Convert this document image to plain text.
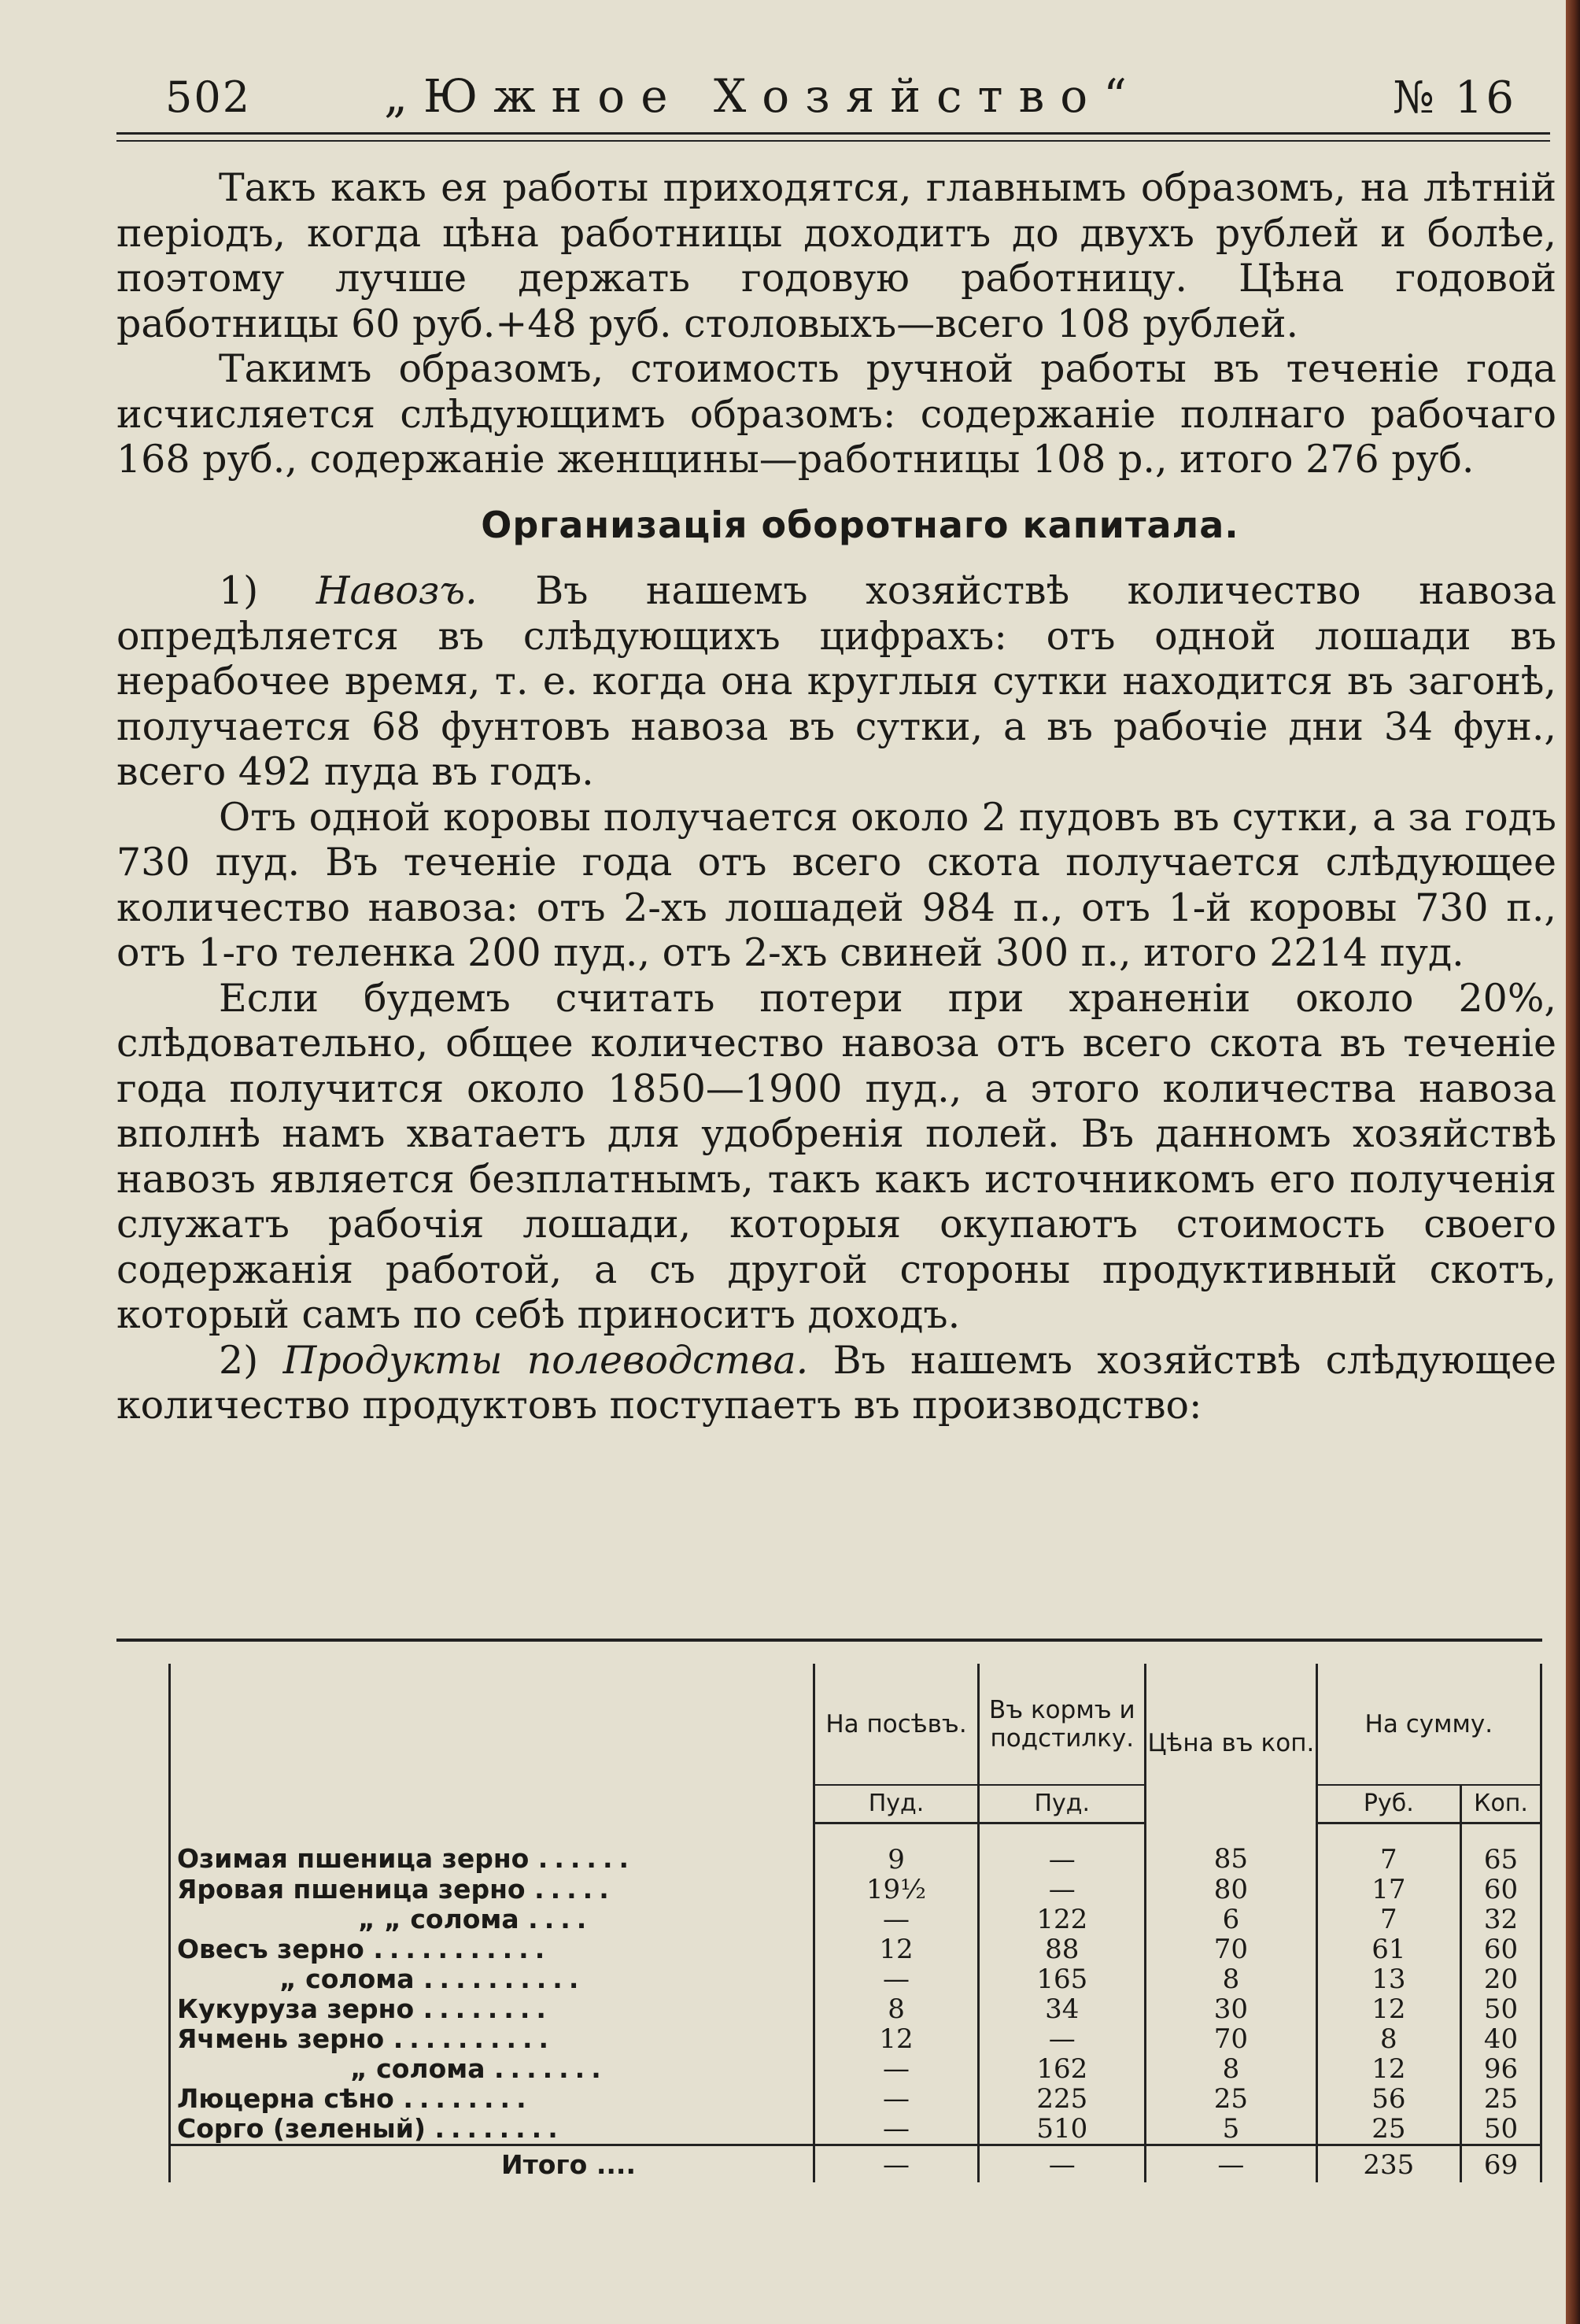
502	„Южное Хозяйство“	№ 16

Такъ какъ ея работы приходятся, главнымъ образомъ, на лѣтній періодъ, когда цѣна работницы доходитъ до двухъ рублей и болѣе, поэтому лучше держать годовую работницу. Цѣна годовой работницы 60 руб.+48 руб. столовыхъ—всего 108 рублей.

Такимъ образомъ, стоимость ручной работы въ теченіе года исчисляется слѣдующимъ образомъ: содержаніе полнаго рабочаго 168 руб., содержаніе женщины—работницы 108 р., итого 276 руб.

Организація оборотнаго капитала.

1) Навозъ. Въ нашемъ хозяйствѣ количество навоза опредѣляется въ слѣдующихъ цифрахъ: отъ одной лошади въ нерабочее время, т. е. когда она круглыя сутки находится въ загонѣ, получается 68 фунтовъ навоза въ сутки, а въ рабочіе дни 34 фун., всего 492 пуда въ годъ.

Отъ одной коровы получается около 2 пудовъ въ сутки, а за годъ 730 пуд. Въ теченіе года отъ всего скота получается слѣдующее количество навоза: отъ 2-хъ лошадей 984 п., отъ 1-й коровы 730 п., отъ 1-го теленка 200 пуд., отъ 2-хъ свиней 300 п., итого 2214 пуд.

Если будемъ считать потери при храненіи около 20%, слѣдовательно, общее количество навоза отъ всего скота въ теченіе года получится около 1850—1900 пуд., а этого количества навоза вполнѣ намъ хватаетъ для удобренія полей. Въ данномъ хозяйствѣ навозъ является безплатнымъ, такъ какъ источникомъ его полученія служатъ рабочія лошади, которыя окупаютъ стоимость своего содержанія работой, а съ другой стороны продуктивный скотъ, который самъ по себѣ приноситъ доходъ.

2) Продукты полеводства. Въ нашемъ хозяйствѣ слѣдующее количество продуктовъ поступаетъ въ производство:

	На посѣвъ.	Въ кормъ и подстилку.	Цѣна въ коп.	На сумму.	
	Пуд.	Пуд.		Руб.	Коп.
Озимая пшеница зерно ......	9	—	85	7	65
Яровая пшеница зерно .....	19½	—	80	17	60
„ „ солома ....	—	122	6	7	32
Овесъ зерно ...........	12	88	70	61	60
„ солома ..........	—	165	8	13	20
Кукуруза зерно ........	8	34	30	12	50
Ячмень зерно ..........	12	—	70	8	40
„ солома .......	—	162	8	12	96
Люцерна сѣно ........	—	225	25	56	25
Сорго (зеленый) ........	—	510	5	25	50
Итого ....	—	—	—	235	69
